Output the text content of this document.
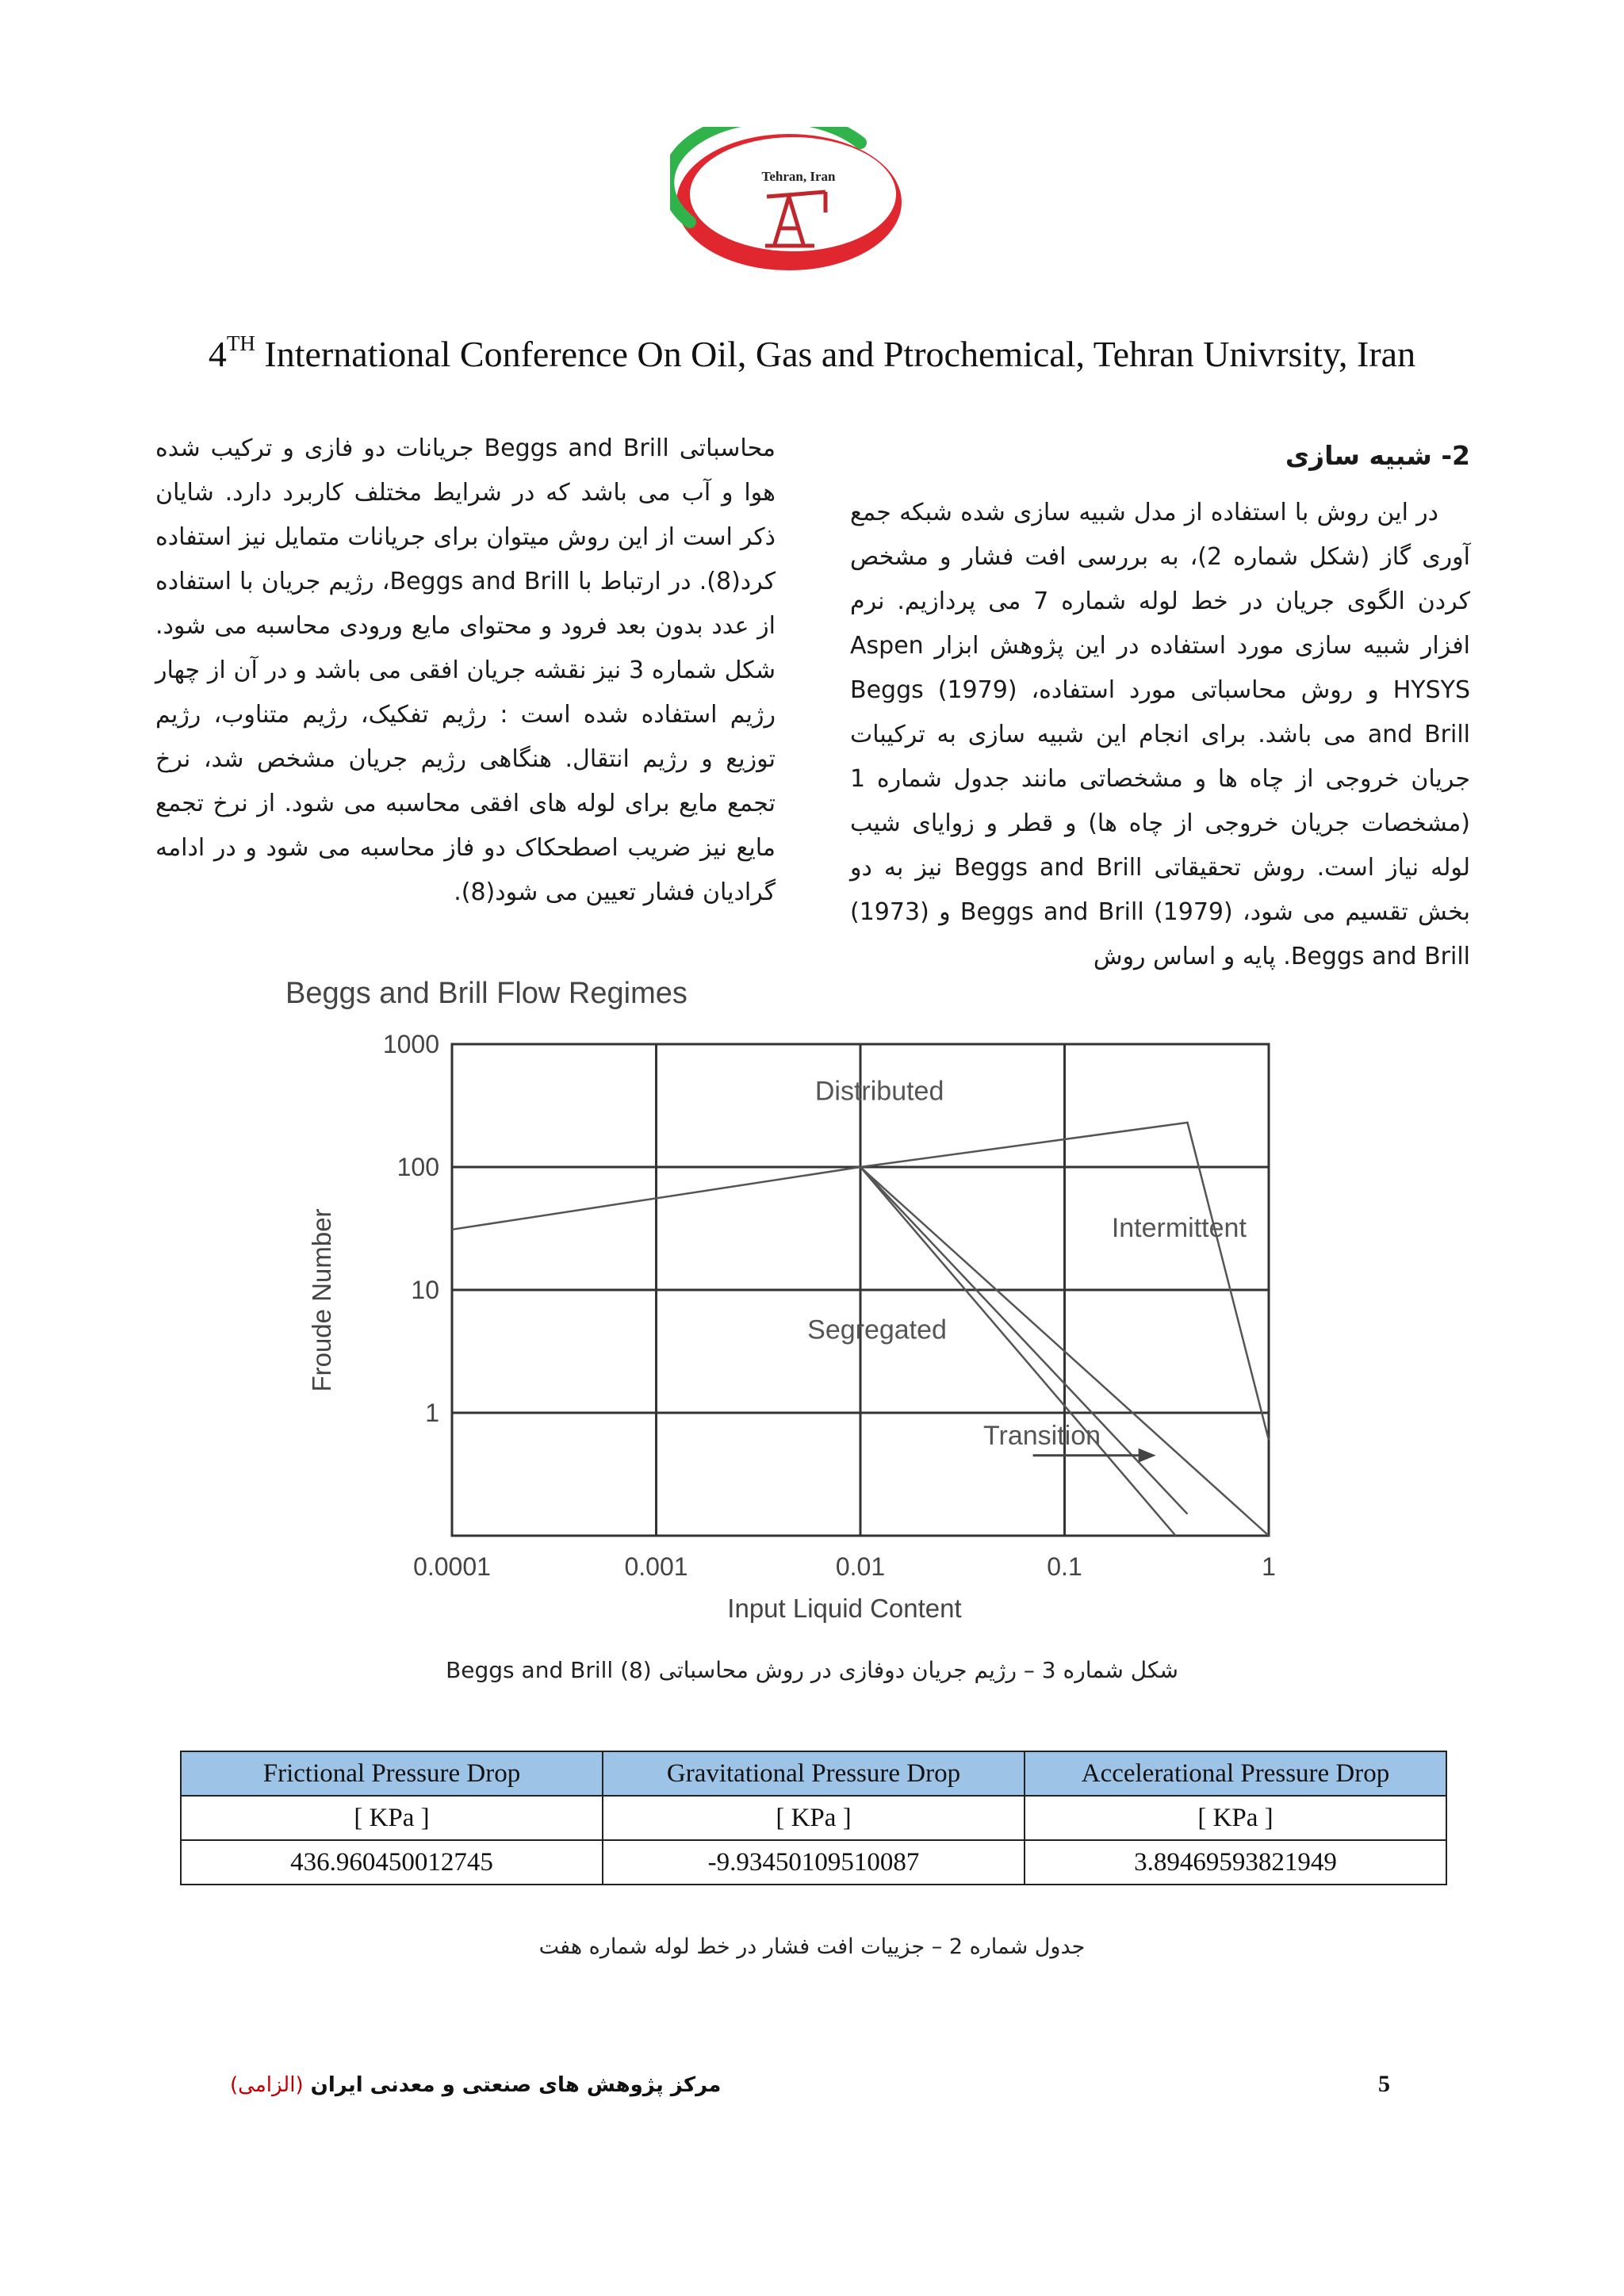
Tehran, Iran
4TH International Conference On Oil, Gas and Ptrochemical, Tehran Univrsity, Iran
2- شبیه سازی
در این روش با استفاده از مدل شبیه سازی شده شبکه جمع آوری گاز (شکل شماره 2)، به بررسی افت فشار و مشخص کردن الگوی جریان در خط لوله شماره 7 می پردازیم. نرم افزار شبیه سازی مورد استفاده در این پژوهش ابزار Aspen HYSYS و روش محاسباتی مورد استفاده، (1979) Beggs and Brill می باشد. برای انجام این شبیه سازی به ترکیبات جریان خروجی از چاه ها و مشخصاتی مانند جدول شماره 1 (مشخصات جریان خروجی از چاه ها) و قطر و زوایای شیب لوله نیاز است. روش تحقیقاتی Beggs and Brill نیز به دو بخش تقسیم می شود، Beggs and Brill (1979) و (1973) Beggs and Brill. پایه و اساس روش
محاسباتی Beggs and Brill جریانات دو فازی و ترکیب شده هوا و آب می باشد که در شرایط مختلف کاربرد دارد. شایان ذکر است از این روش میتوان برای جریانات متمایل نیز استفاده کرد(8). در ارتباط با Beggs and Brill، رژیم جریان با استفاده از عدد بدون بعد فرود و محتوای مایع ورودی محاسبه می شود. شکل شماره 3 نیز نقشه جریان افقی می باشد و در آن از چهار رژیم استفاده شده است : رژیم تفکیک، رژیم متناوب، رژیم توزیع و رژیم انتقال. هنگاهی رژیم جریان مشخص شد، نرخ تجمع مایع برای لوله های افقی محاسبه می شود. از نرخ تجمع مایع نیز ضریب اصطحکاک دو فاز محاسبه می شود و در ادامه گرادیان فشار تعیین می شود(8).
Beggs and Brill Flow Regimes
0.0001	0.001	0.01	0.1	1
1000
100
10
1
Distributed
Intermittent
Segregated
Transition
Input Liquid Content
Froude Number
شکل شماره 3 – رژیم جریان دوفازی در روش محاسباتی Beggs and Brill (8)
Frictional Pressure Drop	Gravitational Pressure Drop	Accelerational Pressure Drop
[ KPa ]	[ KPa ]	[ KPa ]
436.960450012745	-9.93450109510087	3.89469593821949
جدول شماره 2 – جزییات افت فشار در خط لوله شماره هفت
مرکز پژوهش های صنعتی و معدنی ایران (الزامی)	5
